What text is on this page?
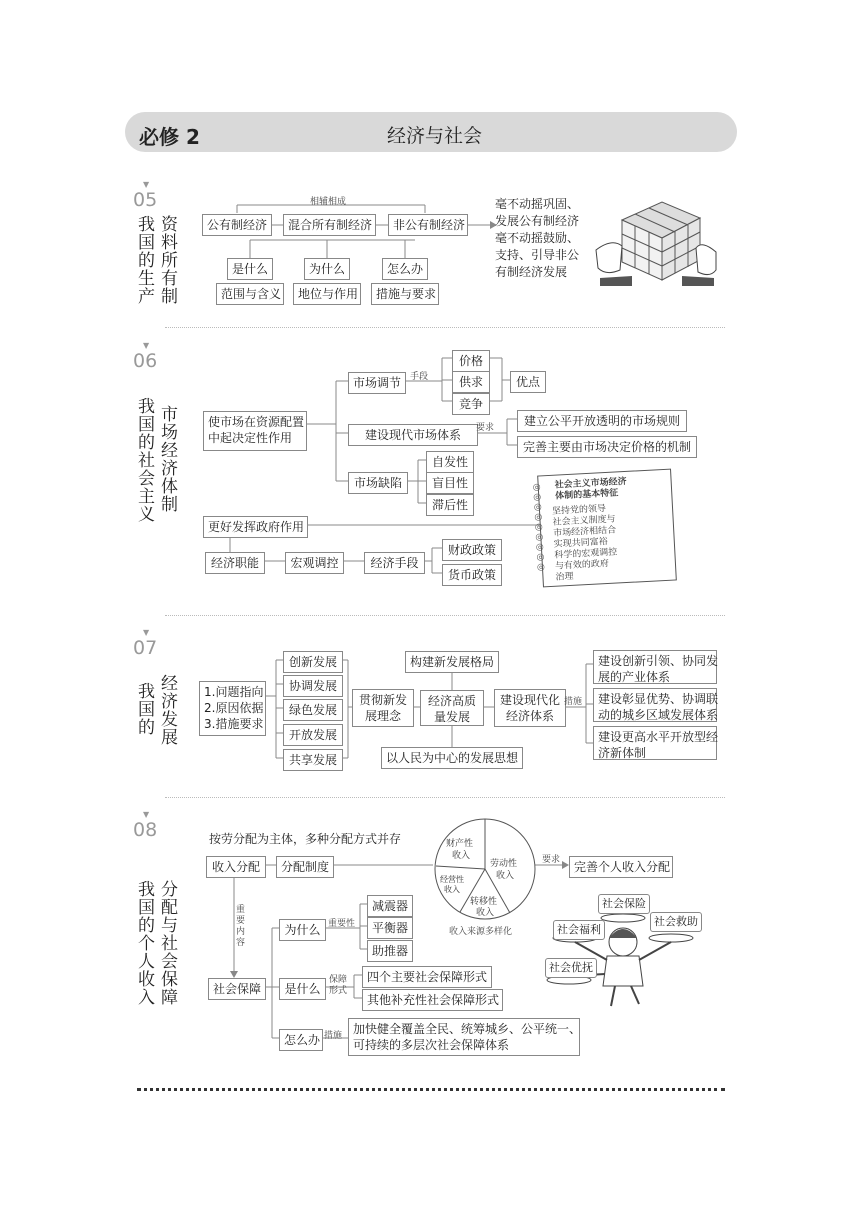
必修 2	经济与社会
▼
05
我国的生产 资料所有制
相辅相成
公有制经济	混合所有制经济	非公有制经济
是什么	为什么	怎么办
范围与含义	地位与作用	措施与要求
毫不动摇巩固、
发展公有制经济
毫不动摇鼓励、
支持、引导非公
有制经济发展
▼
06
我国的社会主义 市场经济体制	使市场在资源配置
中起决定性作用
市场调节 手段
价格
供求
竞争
优点
建设现代市场体系	要求	建立公平开放透明的市场规则
完善主要由市场决定价格的机制
市场缺陷
自发性
盲目性
滞后性
更好发挥政府作用
经济职能	宏观调控	经济手段
财政政策
货币政策
◎
◎
◎
◎
◎
◎
◎
◎
◎
社会主义市场经济
体制的基本特征
坚持党的领导
社会主义制度与
市场经济相结合
实现共同富裕
科学的宏观调控
与有效的政府
治理
▼
07
我国的 经济发展 1.问题指向
2.原因依据
3.措施要求
创新发展
协调发展
绿色发展
开放发展
共享发展
贯彻新发
展理念
构建新发展格局
经济高质
量发展
以人民为中心的发展思想
建设现代化
经济体系
措施
建设创新引领、协同发
展的产业体系
建设彰显优势、协调联
动的城乡区域发展体系
建设更高水平开放型经
济新体制
▼
08
我国的个人收入 分配与社会保障
按劳分配为主体，多种分配方式并存
收入分配	分配制度
财产性
收入
劳动性
收入
经营性
收入
转移性
收入
收入来源多样化
要求	完善个人收入分配
重要内容
社会保障
为什么 重要性
减震器
平衡器
助推器
是什么
保障形式
四个主要社会保障形式
其他补充性社会保障形式
怎么办 措施 加快健全覆盖全民、统筹城乡、公平统一、
可持续的多层次社会保障体系
社会保险
社会救助
社会福利
社会优抚
